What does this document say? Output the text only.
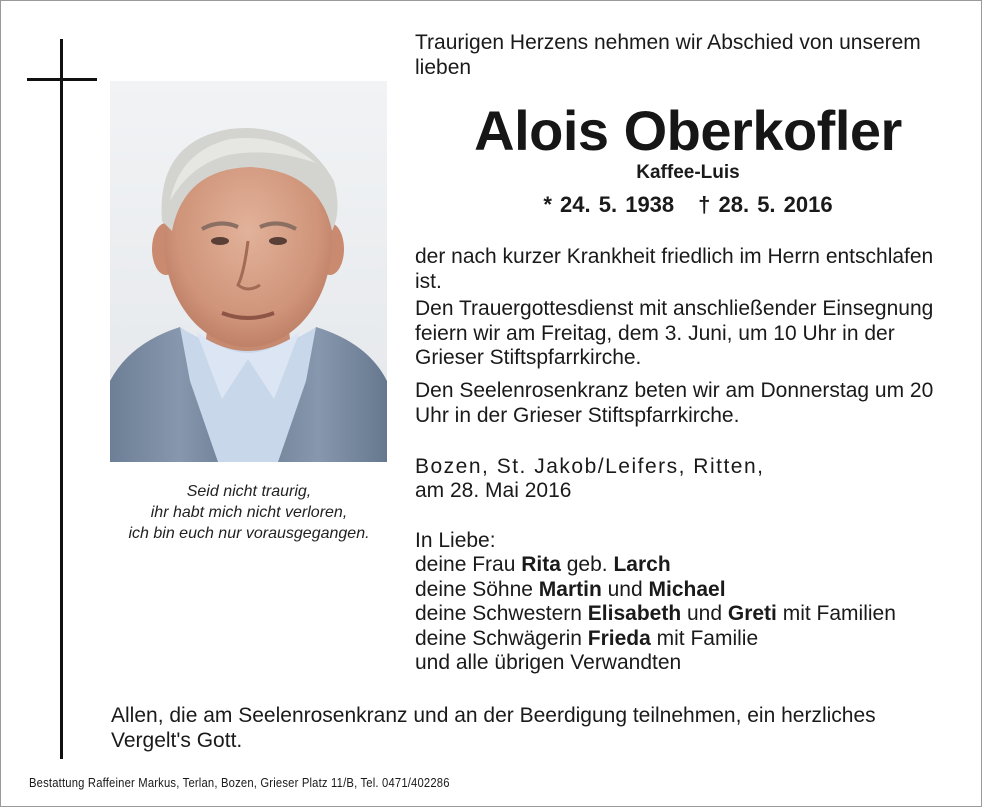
Seid nicht traurig,
ihr habt mich nicht verloren,
ich bin euch nur vorausgegangen.
Traurigen Herzens nehmen wir Abschied von unserem lieben
Alois Oberkofler
Kaffee-Luis
* 24. 5. 1938 † 28. 5. 2016
der nach kurzer Krankheit friedlich im Herrn entschlafen ist.
Den Trauergottesdienst mit anschließender Einsegnung feiern wir am Freitag, dem 3. Juni, um 10 Uhr in der Grieser Stiftspfarrkirche.
Den Seelenrosenkranz beten wir am Donnerstag um 20 Uhr in der Grieser Stiftspfarrkirche.
Bozen, St. Jakob/Leifers, Ritten,
am 28. Mai 2016
In Liebe:
deine Frau Rita geb. Larch
deine Söhne Martin und Michael
deine Schwestern Elisabeth und Greti mit Familien
deine Schwägerin Frieda mit Familie
und alle übrigen Verwandten
Allen, die am Seelenrosenkranz und an der Beerdigung teilnehmen, ein herzliches Vergelt's Gott.
Bestattung Raffeiner Markus, Terlan, Bozen, Grieser Platz 11/B, Tel. 0471/402286
